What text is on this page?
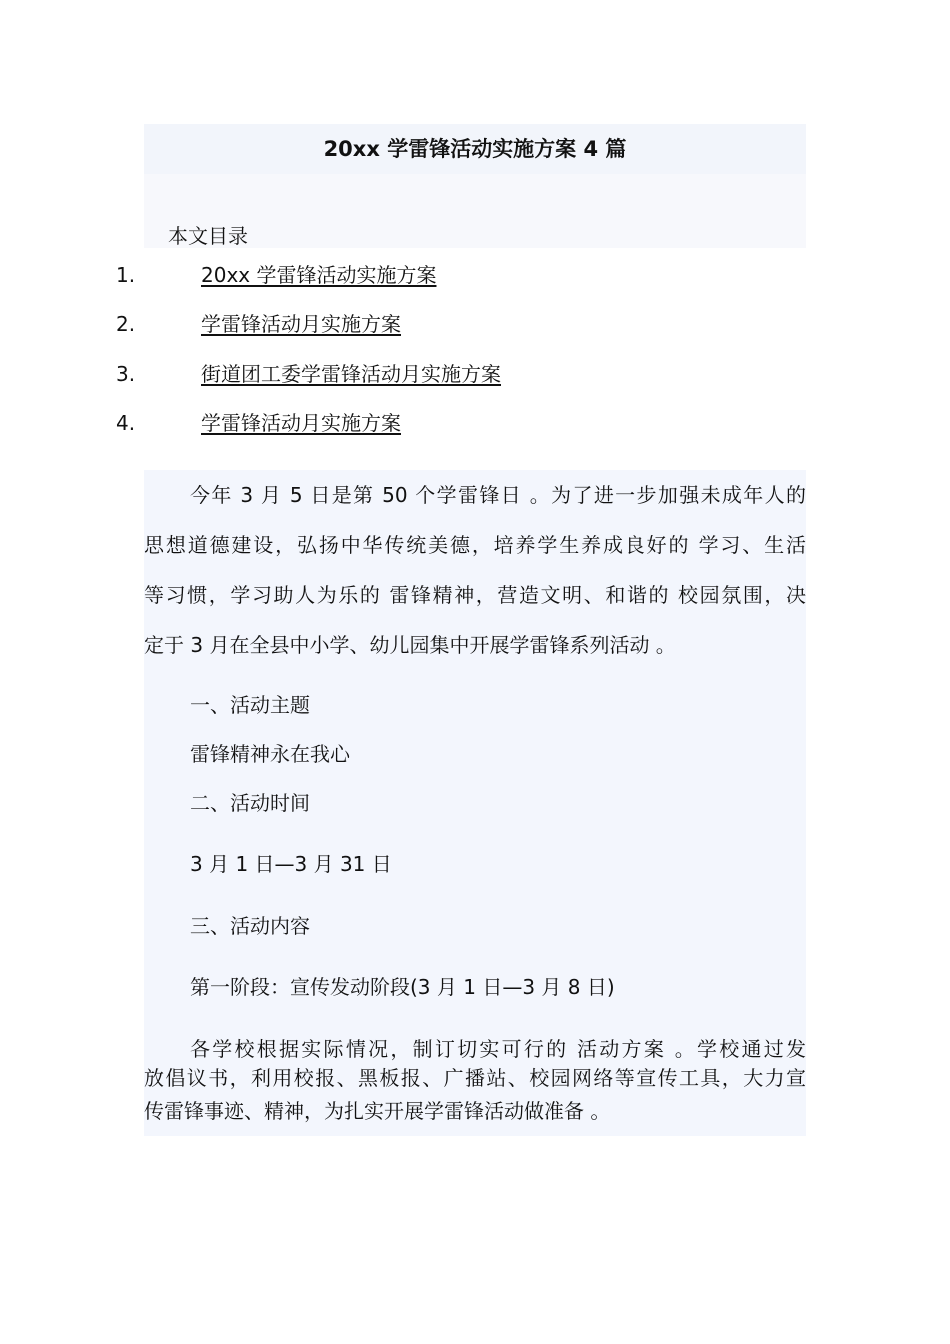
20xx 学雷锋活动实施方案 4 篇
本文目录
1.	20xx 学雷锋活动实施方案
2.	学雷锋活动月实施方案
3.	街道团工委学雷锋活动月实施方案
4.	学雷锋活动月实施方案
今年 3 月 5 日是第 50 个学雷锋日 。为了进一步加强未成年人的
思想道德建设，弘扬中华传统美德，培养学生养成良好的 学习、生活
等习惯，学习助人为乐的 雷锋精神，营造文明、和谐的 校园氛围，决
定于 3 月在全县中小学、幼儿园集中开展学雷锋系列活动 。
一、活动主题
雷锋精神永在我心
二、活动时间
3 月 1 日—3 月 31 日
三、活动内容
第一阶段：宣传发动阶段(3 月 1 日—3 月 8 日)
各学校根据实际情况，制订切实可行的 活动方案 。学校通过发
放倡议书，利用校报、黑板报、广播站、校园网络等宣传工具，大力宣
传雷锋事迹、精神，为扎实开展学雷锋活动做准备 。
